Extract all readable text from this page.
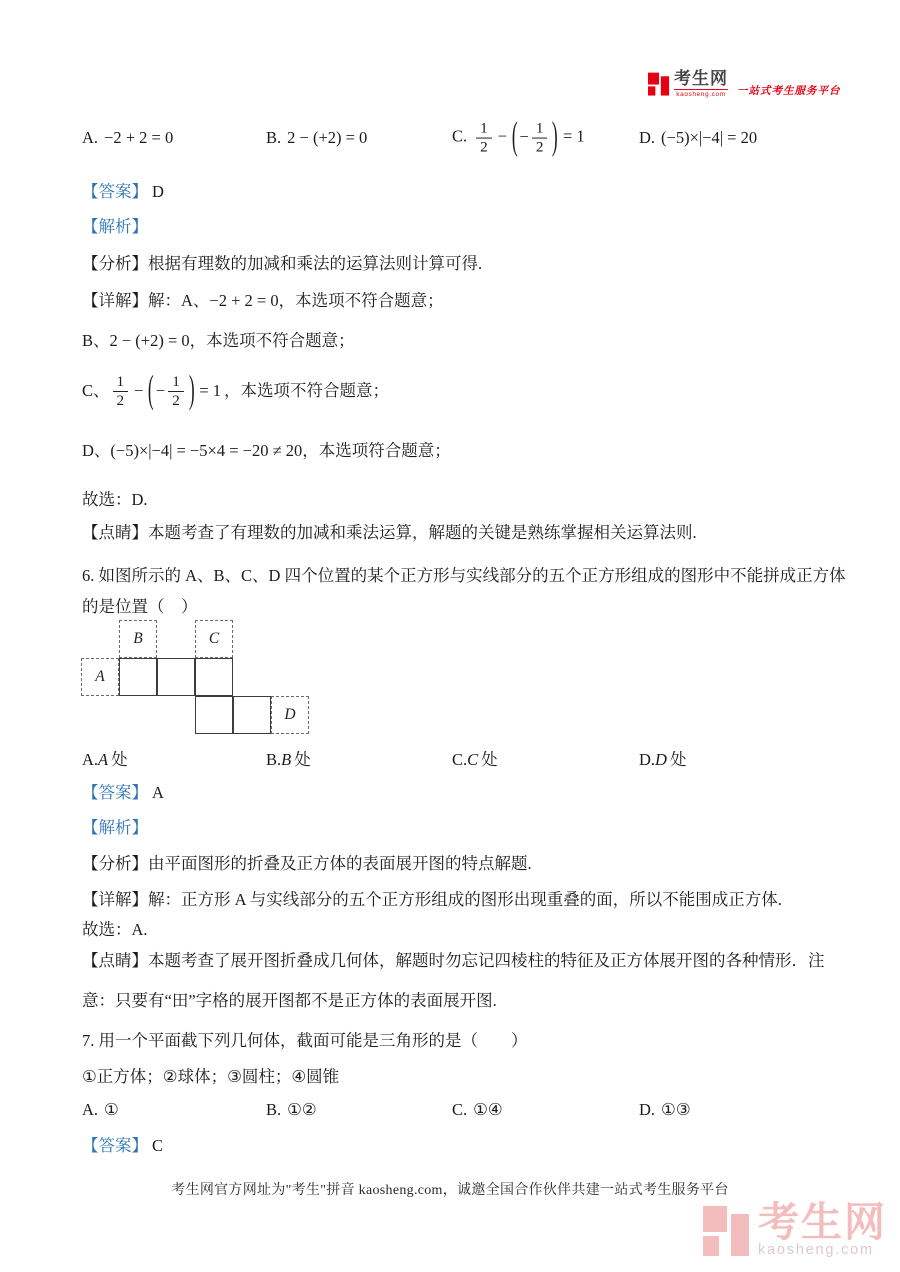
考生网
kaosheng.com 一站式考生服务平台
A. −2 + 2 = 0	B. 2 − (+2) = 0	C. $\frac{1}{2}$ − ( − $\frac{1}{2}$ ) = 1	D. (−5)×|−4| = 20
【答案】 D
【解析】
【分析】根据有理数的加减和乘法的运算法则计算可得.
【详解】解：A、−2 + 2 = 0，本选项不符合题意；
B、2 − (+2) = 0，本选项不符合题意；
C、 $\frac{1}{2}$ − ( − $\frac{1}{2}$ ) = 1 ，本选项不符合题意；
D、(−5)×|−4| = −5×4 = −20 ≠ 20，本选项符合题意；
故选：D.
【点睛】本题考查了有理数的加减和乘法运算，解题的关键是熟练掌握相关运算法则.
6. 如图所示的 A、B、C、D 四个位置的某个正方形与实线部分的五个正方形组成的图形中不能拼成正方体
的是位置（　）
B	C
A
D
A.A 处	B.B 处	C.C 处	D.D 处
【答案】 A
【解析】
【分析】由平面图形的折叠及正方体的表面展开图的特点解题.
【详解】解：正方形 A 与实线部分的五个正方形组成的图形出现重叠的面，所以不能围成正方体.
故选：A.
【点睛】本题考查了展开图折叠成几何体，解题时勿忘记四棱柱的特征及正方体展开图的各种情形．注
意：只要有“田”字格的展开图都不是正方体的表面展开图.
7. 用一个平面截下列几何体，截面可能是三角形的是（　　）
①正方体；②球体；③圆柱；④圆锥
A. ①	B. ①②	C. ①④	D. ①③
【答案】 C
考生网官方网址为"考生"拼音 kaosheng.com，诚邀全国合作伙伴共建一站式考生服务平台
考生网
kaosheng.com
